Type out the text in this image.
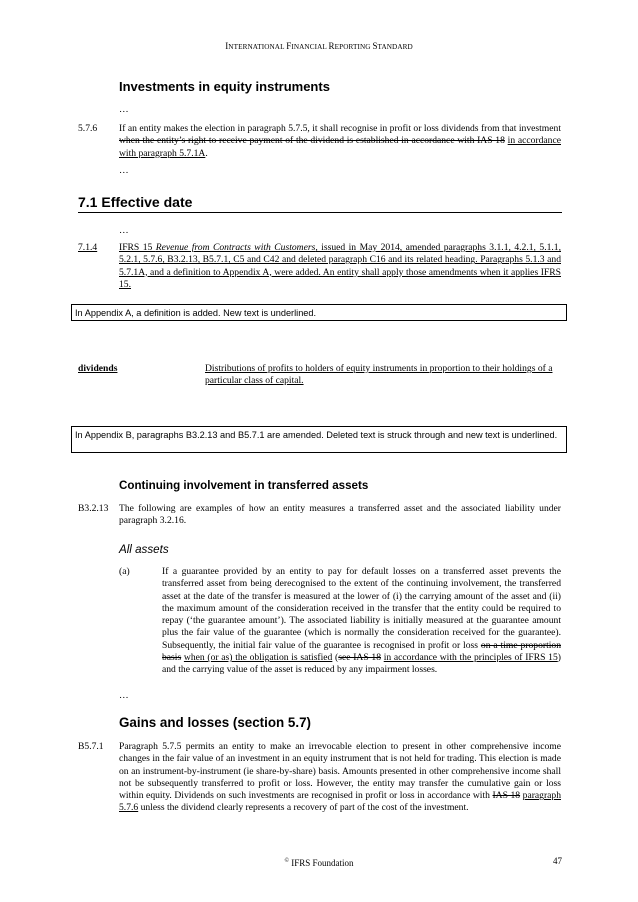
INTERNATIONAL FINANCIAL REPORTING STANDARD
Investments in equity instruments
…
5.7.6 If an entity makes the election in paragraph 5.7.5, it shall recognise in profit or loss dividends from that investment when the entity’s right to receive payment of the dividend is established in accordance with IAS 18 in accordance with paragraph 5.7.1A.
…
7.1 Effective date
…
7.1.4 IFRS 15 Revenue from Contracts with Customers, issued in May 2014, amended paragraphs 3.1.1, 4.2.1, 5.1.1, 5.2.1, 5.7.6, B3.2.13, B5.7.1, C5 and C42 and deleted paragraph C16 and its related heading. Paragraphs 5.1.3 and 5.7.1A, and a definition to Appendix A, were added. An entity shall apply those amendments when it applies IFRS 15.
In Appendix A, a definition is added. New text is underlined.
dividends	Distributions of profits to holders of equity instruments in proportion to their holdings of a particular class of capital.
In Appendix B, paragraphs B3.2.13 and B5.7.1 are amended. Deleted text is struck through and new text is underlined.
Continuing involvement in transferred assets
B3.2.13 The following are examples of how an entity measures a transferred asset and the associated liability under paragraph 3.2.16.
All assets
(a)	If a guarantee provided by an entity to pay for default losses on a transferred asset prevents the transferred asset from being derecognised to the extent of the continuing involvement, the transferred asset at the date of the transfer is measured at the lower of (i) the carrying amount of the asset and (ii) the maximum amount of the consideration received in the transfer that the entity could be required to repay (‘the guarantee amount’). The associated liability is initially measured at the guarantee amount plus the fair value of the guarantee (which is normally the consideration received for the guarantee). Subsequently, the initial fair value of the guarantee is recognised in profit or loss on a time proportion basis when (or as) the obligation is satisfied (see IAS 18 in accordance with the principles of IFRS 15) and the carrying value of the asset is reduced by any impairment losses.
…
Gains and losses (section 5.7)
B5.7.1 Paragraph 5.7.5 permits an entity to make an irrevocable election to present in other comprehensive income changes in the fair value of an investment in an equity instrument that is not held for trading. This election is made on an instrument-by-instrument (ie share-by-share) basis. Amounts presented in other comprehensive income shall not be subsequently transferred to profit or loss. However, the entity may transfer the cumulative gain or loss within equity. Dividends on such investments are recognised in profit or loss in accordance with IAS 18 paragraph 5.7.6 unless the dividend clearly represents a recovery of part of the cost of the investment.
© IFRS Foundation	47
